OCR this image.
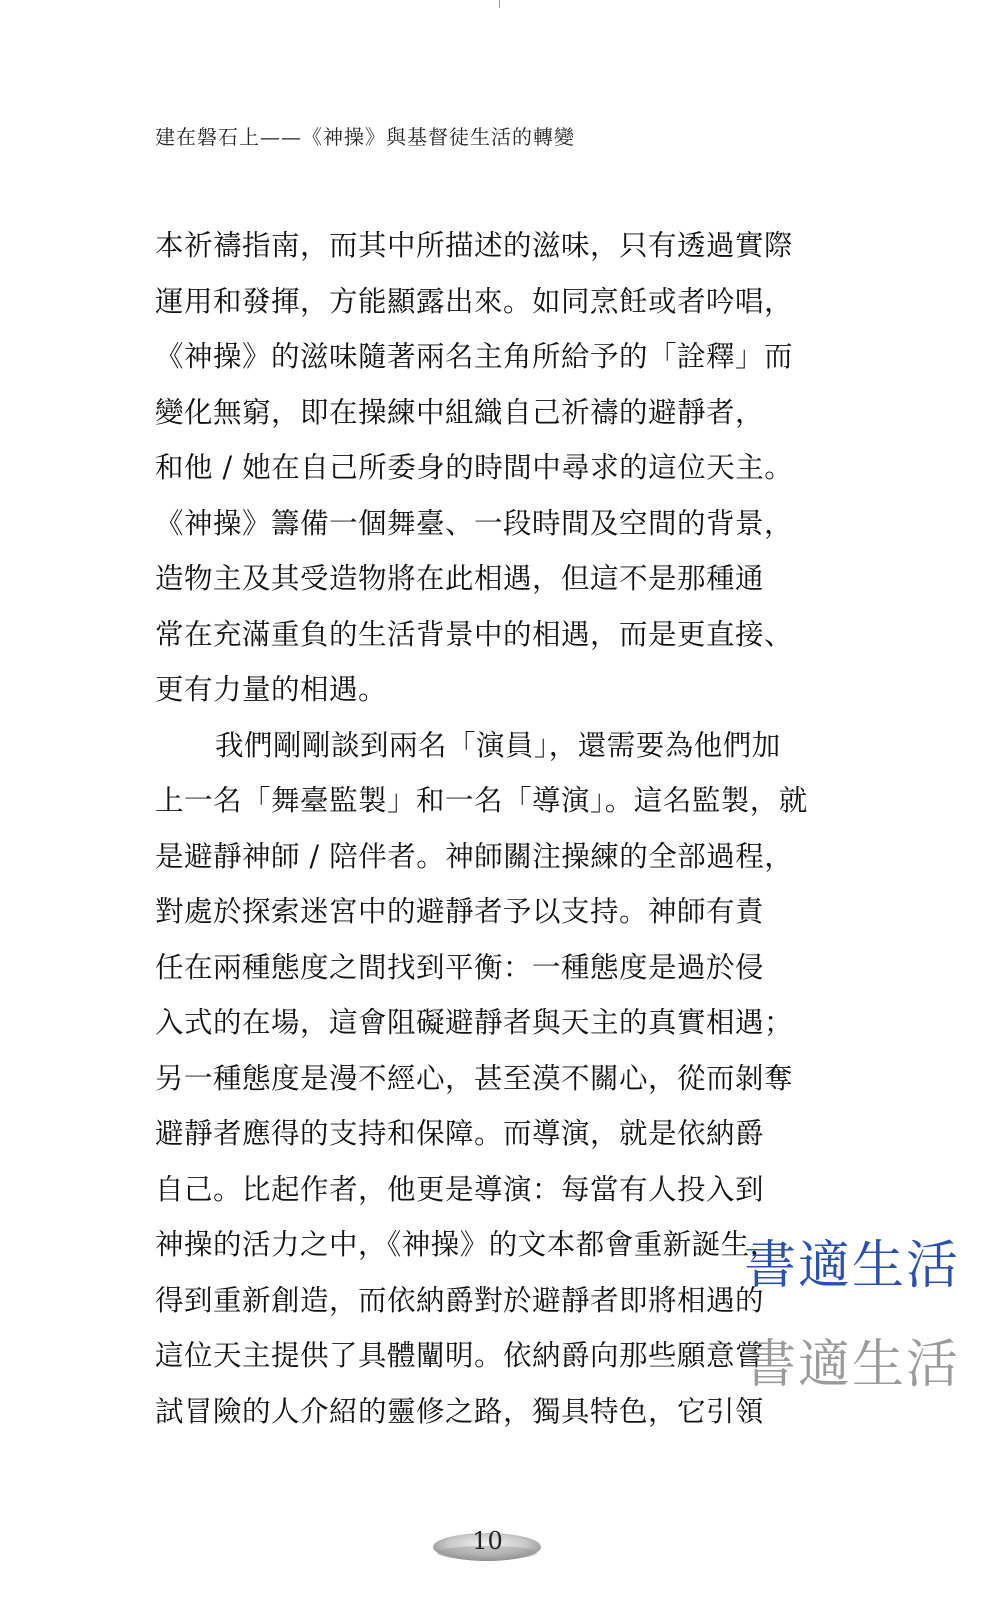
建在磐石上——《神操》與基督徒生活的轉變
本祈禱指南，而其中所描述的滋味，只有透過實際
運用和發揮，方能顯露出來。如同烹飪或者吟唱，
《神操》的滋味隨著兩名主角所給予的「詮釋」而
變化無窮，即在操練中組織自己祈禱的避靜者，
和他 / 她在自己所委身的時間中尋求的這位天主。
《神操》籌備一個舞臺、一段時間及空間的背景，
造物主及其受造物將在此相遇，但這不是那種通
常在充滿重負的生活背景中的相遇，而是更直接、
更有力量的相遇。
我們剛剛談到兩名「演員」，還需要為他們加
上一名「舞臺監製」和一名「導演」。這名監製，就
是避靜神師 / 陪伴者。神師關注操練的全部過程，
對處於探索迷宮中的避靜者予以支持。神師有責
任在兩種態度之間找到平衡：一種態度是過於侵
入式的在場，這會阻礙避靜者與天主的真實相遇；
另一種態度是漫不經心，甚至漠不關心，從而剝奪
避靜者應得的支持和保障。而導演，就是依納爵
自己。比起作者，他更是導演：每當有人投入到
神操的活力之中，《神操》的文本都會重新誕生，
得到重新創造，而依納爵對於避靜者即將相遇的
這位天主提供了具體闡明。依納爵向那些願意嘗
試冒險的人介紹的靈修之路，獨具特色，它引領
書適生活
書適生活
10
